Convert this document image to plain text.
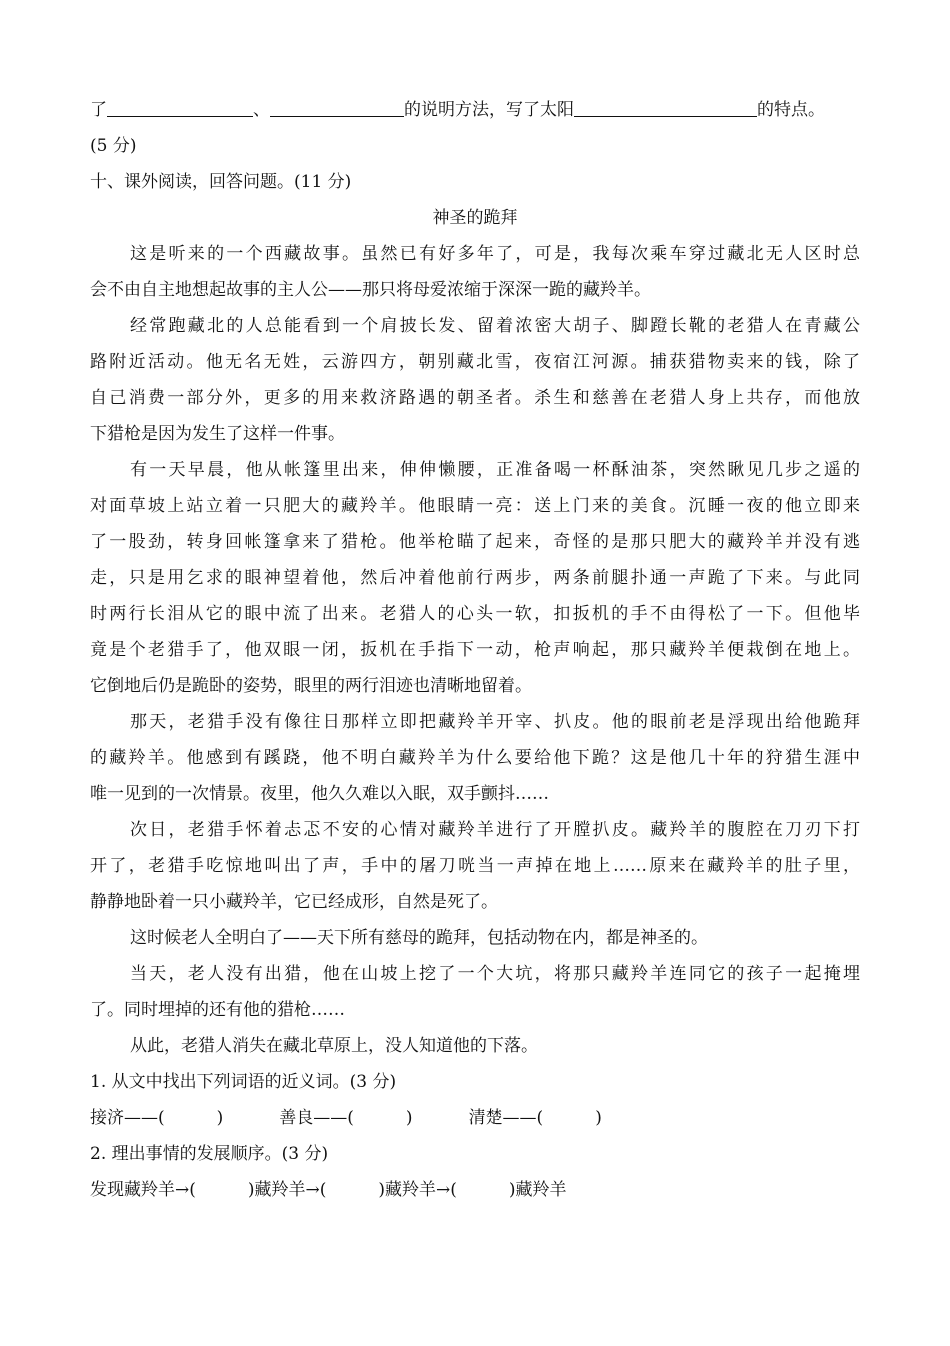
了	、	的说明方法，写了太阳	的特点。
(5 分)
十、课外阅读，回答问题。(11 分)
神圣的跪拜
这是听来的一个西藏故事。虽然已有好多年了，可是，我每次乘车穿过藏北无人区时总
会不由自主地想起故事的主人公——那只将母爱浓缩于深深一跪的藏羚羊。
经常跑藏北的人总能看到一个肩披长发、留着浓密大胡子、脚蹬长靴的老猎人在青藏公
路附近活动。他无名无姓，云游四方，朝别藏北雪，夜宿江河源。捕获猎物卖来的钱，除了
自己消费一部分外，更多的用来救济路遇的朝圣者。杀生和慈善在老猎人身上共存，而他放
下猎枪是因为发生了这样一件事。
有一天早晨，他从帐篷里出来，伸伸懒腰，正准备喝一杯酥油茶，突然瞅见几步之遥的
对面草坡上站立着一只肥大的藏羚羊。他眼睛一亮：送上门来的美食。沉睡一夜的他立即来
了一股劲，转身回帐篷拿来了猎枪。他举枪瞄了起来，奇怪的是那只肥大的藏羚羊并没有逃
走，只是用乞求的眼神望着他，然后冲着他前行两步，两条前腿扑通一声跪了下来。与此同
时两行长泪从它的眼中流了出来。老猎人的心头一软，扣扳机的手不由得松了一下。但他毕
竟是个老猎手了，他双眼一闭，扳机在手指下一动，枪声响起，那只藏羚羊便栽倒在地上。
它倒地后仍是跪卧的姿势，眼里的两行泪迹也清晰地留着。
那天，老猎手没有像往日那样立即把藏羚羊开宰、扒皮。他的眼前老是浮现出给他跪拜
的藏羚羊。他感到有蹊跷，他不明白藏羚羊为什么要给他下跪？这是他几十年的狩猎生涯中
唯一见到的一次情景。夜里，他久久难以入眠，双手颤抖……
次日，老猎手怀着忐忑不安的心情对藏羚羊进行了开膛扒皮。藏羚羊的腹腔在刀刃下打
开了，老猎手吃惊地叫出了声，手中的屠刀咣当一声掉在地上……原来在藏羚羊的肚子里，
静静地卧着一只小藏羚羊，它已经成形，自然是死了。
这时候老人全明白了——天下所有慈母的跪拜，包括动物在内，都是神圣的。
当天，老人没有出猎，他在山坡上挖了一个大坑，将那只藏羚羊连同它的孩子一起掩埋
了。同时埋掉的还有他的猎枪……
从此，老猎人消失在藏北草原上，没人知道他的下落。
1. 从文中找出下列词语的近义词。(3 分)
接济——(	)	善良——(	)	清楚——(	)
2. 理出事情的发展顺序。(3 分)
发现藏羚羊→(	)藏羚羊→(	)藏羚羊→(	)藏羚羊
